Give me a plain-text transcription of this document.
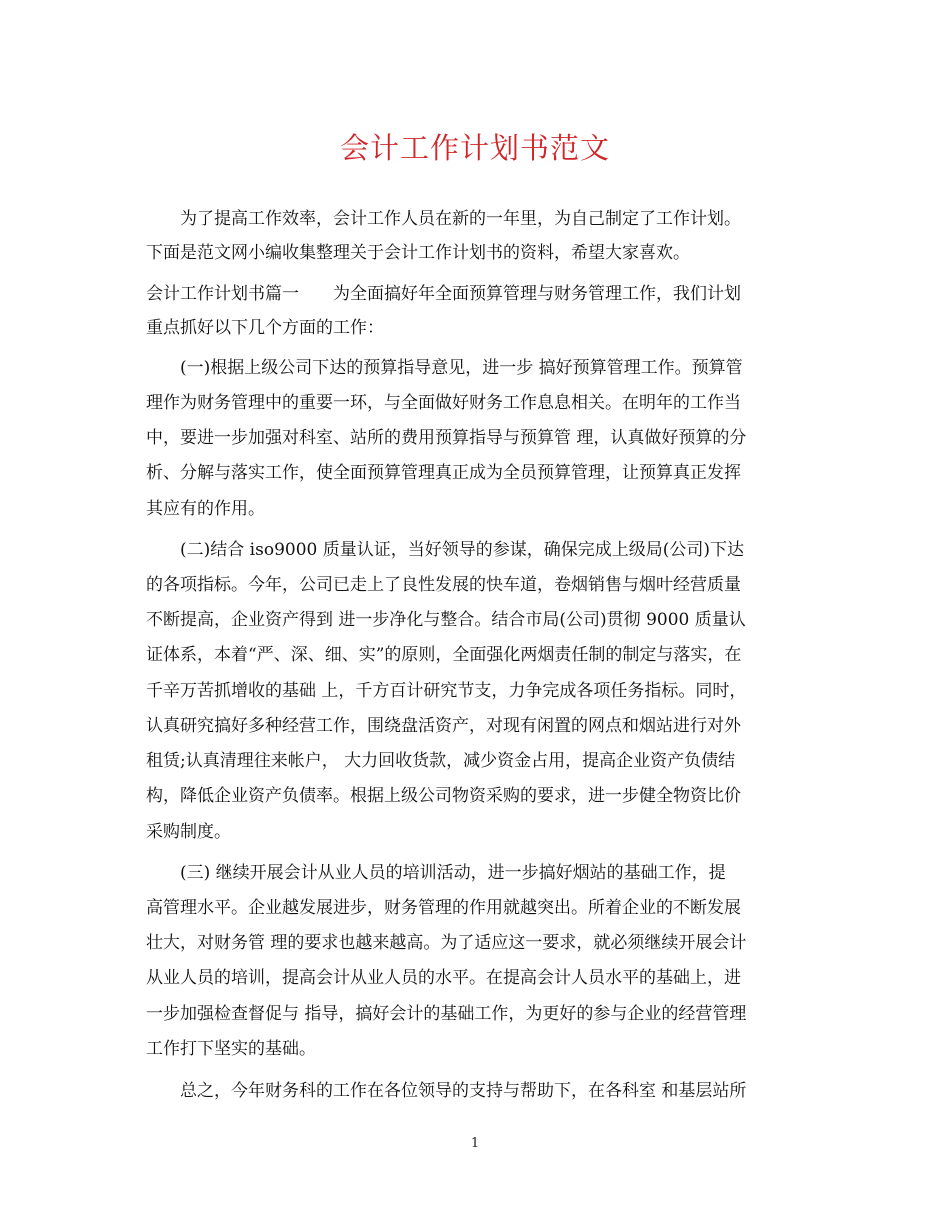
会计工作计划书范文
　　为了提高工作效率，会计工作人员在新的一年里，为自己制定了工作计划。
下面是范文网小编收集整理关于会计工作计划书的资料，希望大家喜欢。
会计工作计划书篇一　　为全面搞好年全面预算管理与财务管理工作，我们计划
重点抓好以下几个方面的工作：
　　(一)根据上级公司下达的预算指导意见，进一步 搞好预算管理工作。预算管
理作为财务管理中的重要一环，与全面做好财务工作息息相关。在明年的工作当
中，要进一步加强对科室、站所的费用预算指导与预算管 理，认真做好预算的分
析、分解与落实工作，使全面预算管理真正成为全员预算管理，让预算真正发挥
其应有的作用。
　　(二)结合 iso9000 质量认证，当好领导的参谋，确保完成上级局(公司)下达
的各项指标。今年，公司已走上了良性发展的快车道，卷烟销售与烟叶经营质量
不断提高，企业资产得到 进一步净化与整合。结合市局(公司)贯彻 9000 质量认
证体系，本着“严、深、细、实”的原则，全面强化两烟责任制的制定与落实，在
千辛万苦抓增收的基础 上，千方百计研究节支，力争完成各项任务指标。同时，
认真研究搞好多种经营工作，围绕盘活资产，对现有闲置的网点和烟站进行对外
租赁;认真清理往来帐户， 大力回收货款，减少资金占用，提高企业资产负债结
构，降低企业资产负债率。根据上级公司物资采购的要求，进一步健全物资比价
采购制度。
　　(三) 继续开展会计从业人员的培训活动，进一步搞好烟站的基础工作，提
高管理水平。企业越发展进步，财务管理的作用就越突出。所着企业的不断发展
壮大，对财务管 理的要求也越来越高。为了适应这一要求，就必须继续开展会计
从业人员的培训，提高会计从业人员的水平。在提高会计人员水平的基础上，进
一步加强检查督促与 指导，搞好会计的基础工作，为更好的参与企业的经营管理
工作打下坚实的基础。
　　总之，今年财务科的工作在各位领导的支持与帮助下，在各科室 和基层站所
1
